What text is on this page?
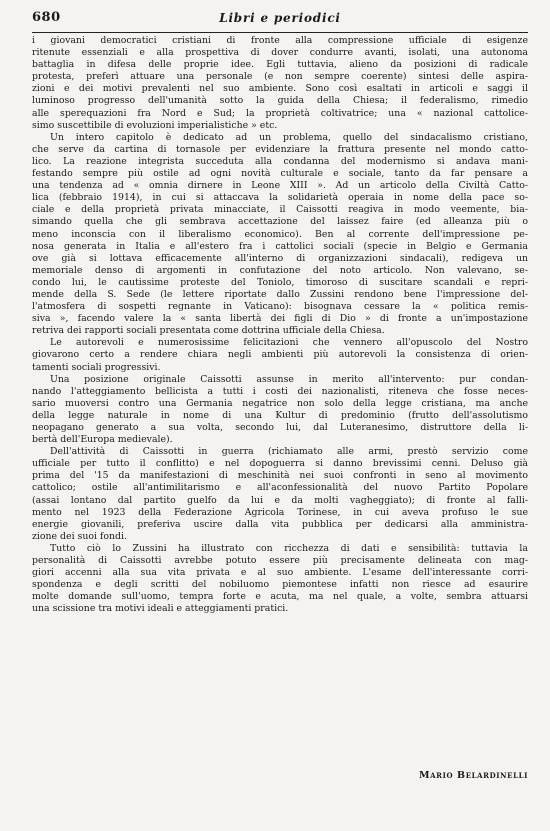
680	Libri e periodici
i giovani democratici cristiani di fronte alla compressione ufficiale di esigenze
ritenute essenziali e alla prospettiva di dover condurre avanti, isolati, una autonoma
battaglia in difesa delle proprie idee. Egli tuttavia, alieno da posizioni di radicale
protesta, preferì attuare una personale (e non sempre coerente) sintesi delle aspira-
zioni e dei motivi prevalenti nel suo ambiente. Sono così esaltati in articoli e saggi il
luminoso progresso dell'umanità sotto la guida della Chiesa; il federalismo, rimedio
alle sperequazioni fra Nord e Sud; la proprietà coltivatrice; una « nazional cattolice-
simo suscettibile di evoluzioni imperialistiche » etc.
Un intero capitolo è dedicato ad un problema, quello del sindacalismo cristiano,
che serve da cartina di tornasole per evidenziare la frattura presente nel mondo catto-
lico. La reazione integrista succeduta alla condanna del modernismo si andava mani-
festando sempre più ostile ad ogni novità culturale e sociale, tanto da far pensare a
una tendenza ad « omnia dirnere in Leone XIII ». Ad un articolo della Civiltà Catto-
lica (febbraio 1914), in cui si attaccava la solidarietà operaia in nome della pace so-
ciale e della proprietà privata minacciate, il Caissotti reagiva in modo veemente, bia-
simando quella che gli sembrava accettazione del laissez faire (ed alleanza più o
meno inconscia con il liberalismo economico). Ben al corrente dell'impressione pe-
nosa generata in Italia e all'estero fra i cattolici sociali (specie in Belgio e Germania
ove già si lottava efficacemente all'interno di organizzazioni sindacali), redigeva un
memoriale denso di argomenti in confutazione del noto articolo. Non valevano, se-
condo lui, le cautissime proteste del Toniolo, timoroso di suscitare scandali e repri-
mende della S. Sede (le lettere riportate dallo Zussini rendono bene l'impressione del-
l'atmosfera di sospetti regnante in Vaticano): bisognava cessare la « politica remis-
siva », facendo valere la « santa libertà dei figli di Dio » di fronte a un'impostazione
retriva dei rapporti sociali presentata come dottrina ufficiale della Chiesa.
Le autorevoli e numerosissime felicitazioni che vennero all'opuscolo del Nostro
giovarono certo a rendere chiara negli ambienti più autorevoli la consistenza di orien-
tamenti sociali progressivi.
Una posizione originale Caissotti assunse in merito all'intervento: pur condan-
nando l'atteggiamento bellicista a tutti i costi dei nazionalisti, riteneva che fosse neces-
sario muoversi contro una Germania negatrice non solo della legge cristiana, ma anche
della legge naturale in nome di una Kultur di predominio (frutto dell'assolutismo
neopagano generato a sua volta, secondo lui, dal Luteranesimo, distruttore della li-
bertà dell'Europa medievale).
Dell'attività di Caissotti in guerra (richiamato alle armi, prestò servizio come
ufficiale per tutto il conflitto) e nel dopoguerra si danno brevissimi cenni. Deluso già
prima del '15 da manifestazioni di meschinità nei suoi confronti in seno al movimento
cattolico; ostile all'antimilitarismo e all'aconfessionalità del nuovo Partito Popolare
(assai lontano dal partito guelfo da lui e da molti vagheggiato); di fronte al falli-
mento nel 1923 della Federazione Agricola Torinese, in cui aveva profuso le sue
energie giovanili, preferiva uscire dalla vita pubblica per dedicarsi alla amministra-
zione dei suoi fondi.
Tutto ciò lo Zussini ha illustrato con ricchezza di dati e sensibilità: tuttavia la
personalità di Caissotti avrebbe potuto essere più precisamente delineata con mag-
giori accenni alla sua vita privata e al suo ambiente. L'esame dell'interessante corri-
spondenza e degli scritti del nobiluomo piemontese infatti non riesce ad esaurire
molte domande sull'uomo, tempra forte e acuta, ma nel quale, a volte, sembra attuarsi
una scissione tra motivi ideali e atteggiamenti pratici.
Mario Belardinelli
